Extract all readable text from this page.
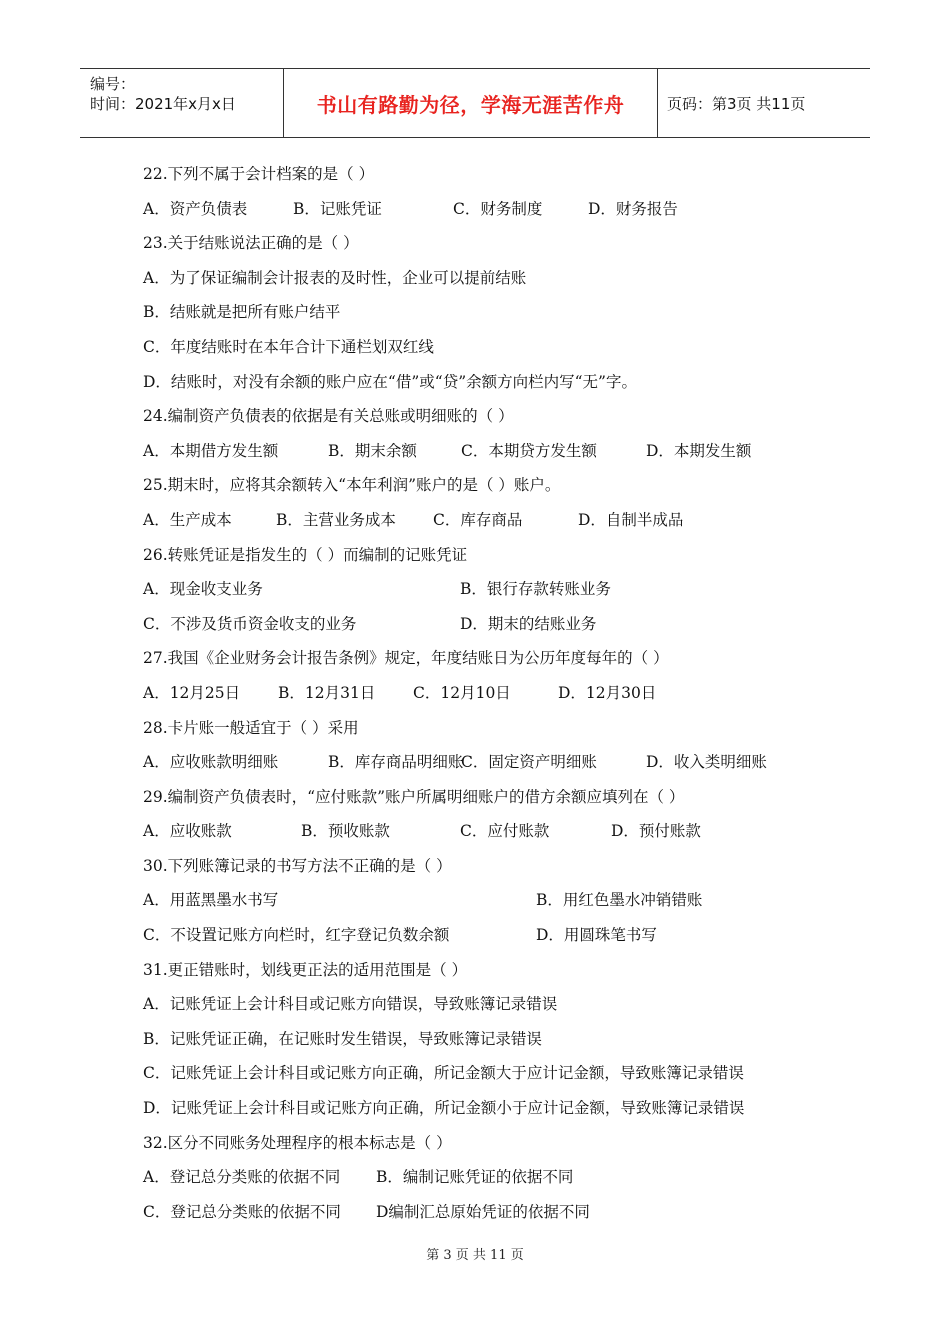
编号：
时间：2021年x月x日	书山有路勤为径，学海无涯苦作舟	页码：第3页 共11页
22.下列不属于会计档案的是（ ）
A．资产负债表	B．记账凭证	C．财务制度	D．财务报告
23.关于结账说法正确的是（ ）
A．为了保证编制会计报表的及时性，企业可以提前结账
B．结账就是把所有账户结平
C．年度结账时在本年合计下通栏划双红线
D．结账时，对没有余额的账户应在“借”或“贷”余额方向栏内写“无”字。
24.编制资产负债表的依据是有关总账或明细账的（ ）
A．本期借方发生额	B．期末余额	C．本期贷方发生额	D．本期发生额
25.期末时，应将其余额转入“本年利润”账户的是（ ）账户。
A．生产成本	B．主营业务成本 C．库存商品	D．自制半成品
26.转账凭证是指发生的（ ）而编制的记账凭证
A．现金收支业务	B．银行存款转账业务
C．不涉及货币资金收支的业务	D．期末的结账业务
27.我国《企业财务会计报告条例》规定，年度结账日为公历年度每年的（ ）
A．12月25日 B．12月31日 C．12月10日	D．12月30日
28.卡片账一般适宜于（ ）采用
A．应收账款明细账	B．库存商品明细账
C．固定资产明细账	D．收入类明细账
29.编制资产负债表时，“应付账款”账户所属明细账户的借方余额应填列在（ ）
A．应收账款	B．预收账款	C．应付账款	D．预付账款
30.下列账簿记录的书写方法不正确的是（ ）
A．用蓝黑墨水书写	B．用红色墨水冲销错账
C．不设置记账方向栏时，红字登记负数余额	D．用圆珠笔书写
31.更正错账时，划线更正法的适用范围是（ ）
A．记账凭证上会计科目或记账方向错误，导致账簿记录错误
B．记账凭证正确，在记账时发生错误，导致账簿记录错误
C．记账凭证上会计科目或记账方向正确，所记金额大于应计记金额，导致账簿记录错误
D．记账凭证上会计科目或记账方向正确，所记金额小于应计记金额，导致账簿记录错误
32.区分不同账务处理程序的根本标志是（ ）
A．登记总分类账的依据不同 B．编制记账凭证的依据不同
C．登记总分类账的依据不同 D编制汇总原始凭证的依据不同
第 3 页 共 11 页
